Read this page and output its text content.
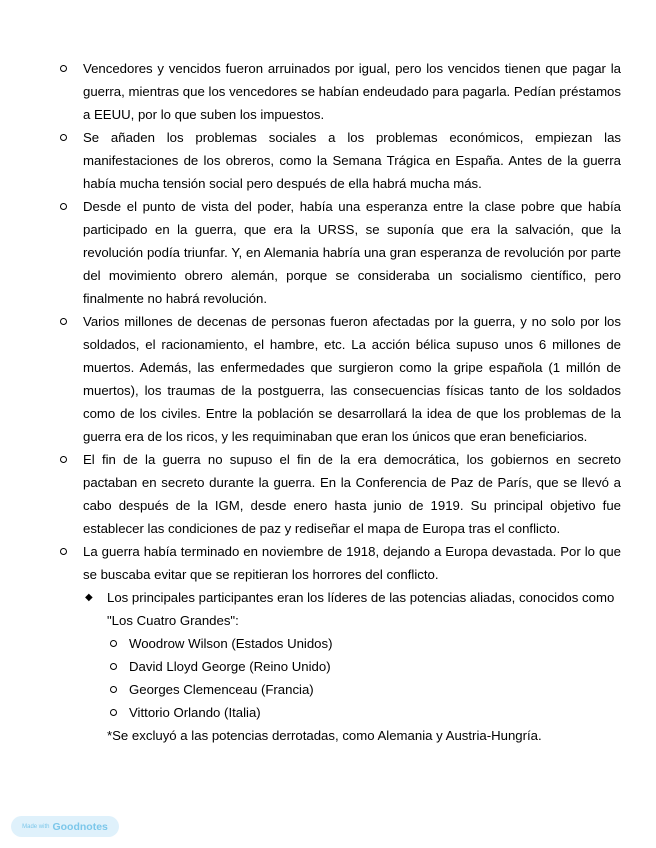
Vencedores y vencidos fueron arruinados por igual, pero los vencidos tienen que pagar la guerra, mientras que los vencedores se habían endeudado para pagarla. Pedían préstamos a EEUU, por lo que suben los impuestos.
Se añaden los problemas sociales a los problemas económicos, empiezan las manifestaciones de los obreros, como la Semana Trágica en España. Antes de la guerra había mucha tensión social pero después de ella habrá mucha más.
Desde el punto de vista del poder, había una esperanza entre la clase pobre que había participado en la guerra, que era la URSS, se suponía que era la salvación, que la revolución podía triunfar. Y, en Alemania habría una gran esperanza de revolución por parte del movimiento obrero alemán, porque se consideraba un socialismo científico, pero finalmente no habrá revolución.
Varios millones de decenas de personas fueron afectadas por la guerra, y no solo por los soldados, el racionamiento, el hambre, etc. La acción bélica supuso unos 6 millones de muertos. Además, las enfermedades que surgieron como la gripe española (1 millón de muertos), los traumas de la postguerra, las consecuencias físicas tanto de los soldados como de los civiles. Entre la población se desarrollará la idea de que los problemas de la guerra era de los ricos, y les requiminaban que eran los únicos que eran beneficiarios.
El fin de la guerra no supuso el fin de la era democrática, los gobiernos en secreto pactaban en secreto durante la guerra. En la Conferencia de Paz de París, que se llevó a cabo después de la IGM, desde enero hasta junio de 1919. Su principal objetivo fue establecer las condiciones de paz y rediseñar el mapa de Europa tras el conflicto.
La guerra había terminado en noviembre de 1918, dejando a Europa devastada. Por lo que se buscaba evitar que se repitieran los horrores del conflicto.
◆ Los principales participantes eran los líderes de las potencias aliadas, conocidos como "Los Cuatro Grandes":
Woodrow Wilson (Estados Unidos)
David Lloyd George (Reino Unido)
Georges Clemenceau (Francia)
Vittorio Orlando (Italia)
*Se excluyó a las potencias derrotadas, como Alemania y Austria-Hungría.
Made with Goodnotes
